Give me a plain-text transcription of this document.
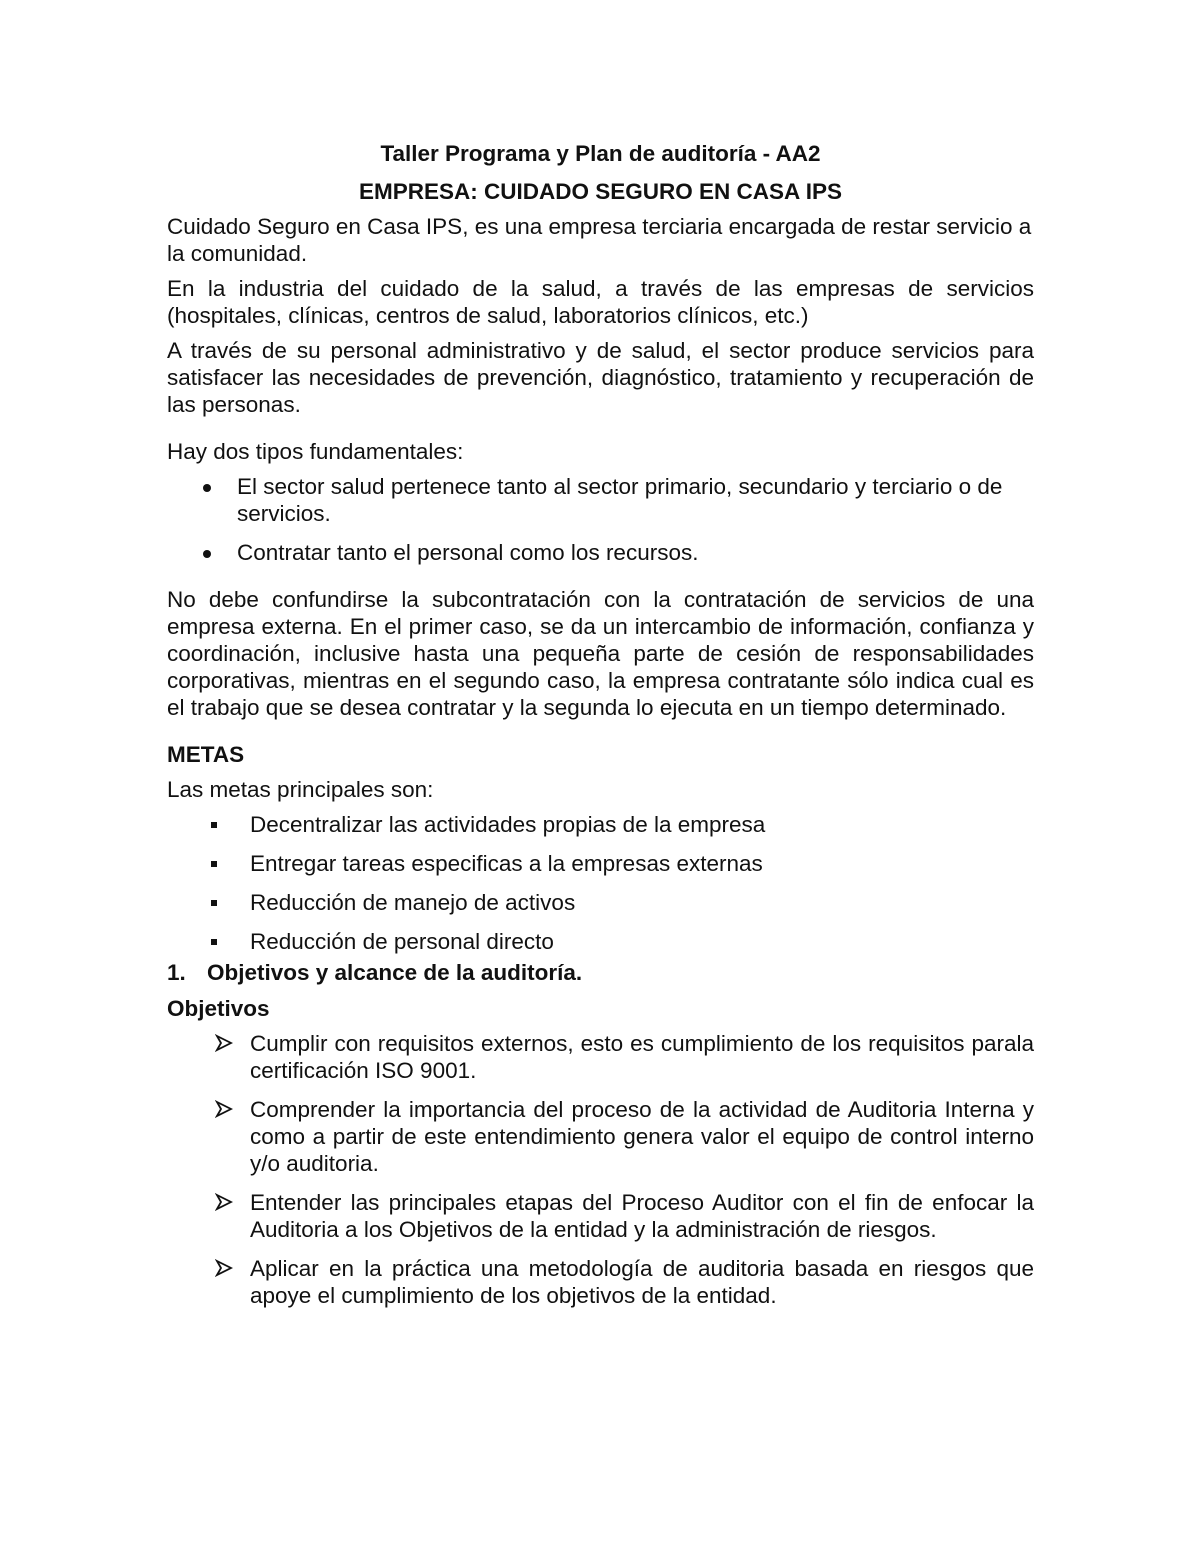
Taller Programa y Plan de auditoría - AA2

EMPRESA: CUIDADO SEGURO EN CASA IPS

Cuidado Seguro en Casa IPS, es una empresa terciaria encargada de restar servicio a la comunidad.

En la industria del cuidado de la salud, a través de las empresas de servicios (hospitales, clínicas, centros de salud, laboratorios clínicos, etc.)

A través de su personal administrativo y de salud, el sector produce servicios para satisfacer las necesidades de prevención, diagnóstico, tratamiento y recuperación de las personas.

Hay dos tipos fundamentales:

El sector salud pertenece tanto al sector primario, secundario y terciario o de servicios.
Contratar tanto el personal como los recursos.

No debe confundirse la subcontratación con la contratación de servicios de una empresa externa. En el primer caso, se da un intercambio de información, confianza y coordinación, inclusive hasta una pequeña parte de cesión de responsabilidades corporativas, mientras en el segundo caso, la empresa contratante sólo indica cual es el trabajo que se desea contratar y la segunda lo ejecuta en un tiempo determinado.

METAS

Las metas principales son:

Decentralizar las actividades propias de la empresa
Entregar tareas especificas a la empresas externas
Reducción de manejo de activos
Reducción de personal directo

1. Objetivos y alcance de la auditoría.

Objetivos

Cumplir con requisitos externos, esto es cumplimiento de los requisitos parala certificación ISO 9001.
Comprender la importancia del proceso de la actividad de Auditoria Interna y como a partir de este entendimiento genera valor el equipo de control interno y/o auditoria.
Entender las principales etapas del Proceso Auditor con el fin de enfocar la Auditoria a los Objetivos de la entidad y la administración de riesgos.
Aplicar en la práctica una metodología de auditoria basada en riesgos que apoye el cumplimiento de los objetivos de la entidad.
